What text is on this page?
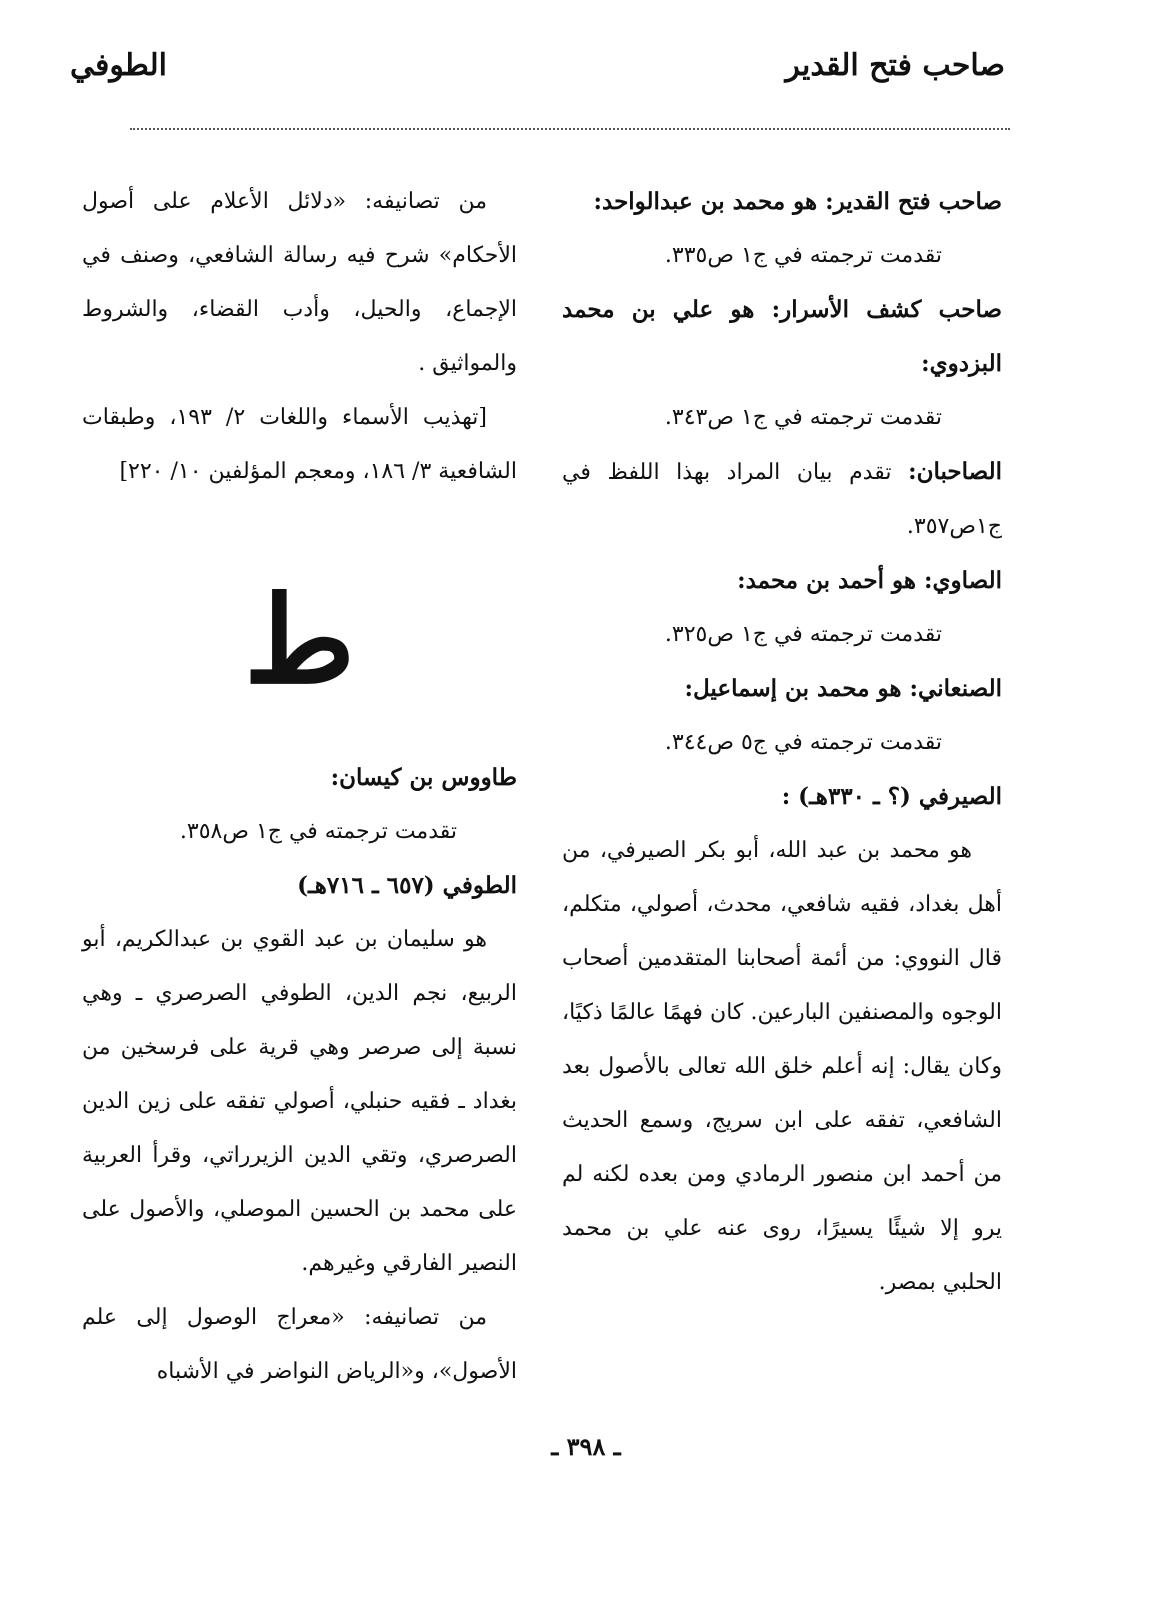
صاحب فتح القدير
الطوفي

صاحب فتح القدير: هو محمد بن عبدالواحد:

تقدمت ترجمته في ج١ ص٣٣٥.

صاحب كشف الأسرار: هو علي بن محمد البزدوي:

تقدمت ترجمته في ج١ ص٣٤٣.

الصاحبان: تقدم بيان المراد بهذا اللفظ في ج١ص٣٥٧.

الصاوي: هو أحمد بن محمد:

تقدمت ترجمته في ج١ ص٣٢٥.

الصنعاني: هو محمد بن إسماعيل:

تقدمت ترجمته في ج٥ ص٣٤٤.

الصيرفي (؟ ـ ٣٣٠هـ) :

هو محمد بن عبد الله، أبو بكر الصيرفي، من أهل بغداد، فقيه شافعي، محدث، أصولي، متكلم، قال النووي: من أئمة أصحابنا المتقدمين أصحاب الوجوه والمصنفين البارعين. كان فهمًا عالمًا ذكيًا، وكان يقال: إنه أعلم خلق الله تعالى بالأصول بعد الشافعي، تفقه على ابن سريج، وسمع الحديث من أحمد ابن منصور الرمادي ومن بعده لكنه لم يرو إلا شيئًا يسيرًا، روى عنه علي بن محمد الحلبي بمصر.

من تصانيفه: «دلائل الأعلام على أصول الأحكام» شرح فيه رسالة الشافعي، وصنف في الإجماع، والحيل، وأدب القضاء، والشروط والمواثيق .

[تهذيب الأسماء واللغات ٢/ ١٩٣، وطبقات الشافعية ٣/ ١٨٦، ومعجم المؤلفين ١٠/ ٢٢٠]

ط

طاووس بن كيسان:

تقدمت ترجمته في ج١ ص٣٥٨.

الطوفي (٦٥٧ ـ ٧١٦هـ)

هو سليمان بن عبد القوي بن عبدالكريم، أبو الربيع، نجم الدين، الطوفي الصرصري ـ وهي نسبة إلى صرصر وهي قرية على فرسخين من بغداد ـ فقيه حنبلي، أصولي تفقه على زين الدين الصرصري، وتقي الدين الزيرراتي، وقرأ العربية على محمد بن الحسين الموصلي، والأصول على النصير الفارقي وغيرهم.

من تصانيفه: «معراج الوصول إلى علم الأصول»، و«الرياض النواضر في الأشباه

ـ ٣٩٨ ـ
